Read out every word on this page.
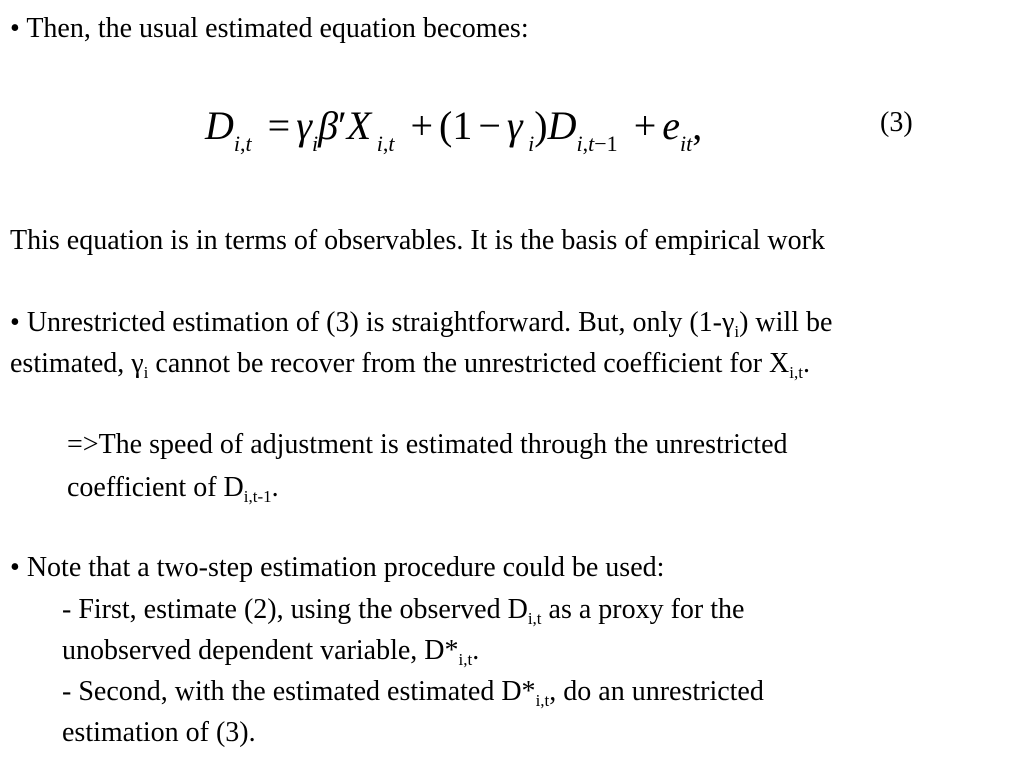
• Then, the usual estimated equation becomes:
$D_{i,t} = \gamma_i\beta'X$ $_{i,t}$ + (1 − γ $_i)D_{i,t-1} + e_{it}$,	(3)
This equation is in terms of observables. It is the basis of empirical work
• Unrestricted estimation of (3) is straightforward. But, only $(1-\gamma_i)$ will be
estimated, $\gamma_i$ cannot be recover from the unrestricted coefficient for $X_{i,t}$.
=>The speed of adjustment is estimated through the unrestricted
coefficient of $D_{i,t-1}$.
• Note that a two-step estimation procedure could be used:
- First, estimate (2), using the observed $D_{i,t}$ as a proxy for the
unobserved dependent variable, $D*_{i,t}$.
- Second, with the estimated estimated $D*_{i,t}$, do an unrestricted
estimation of (3).
